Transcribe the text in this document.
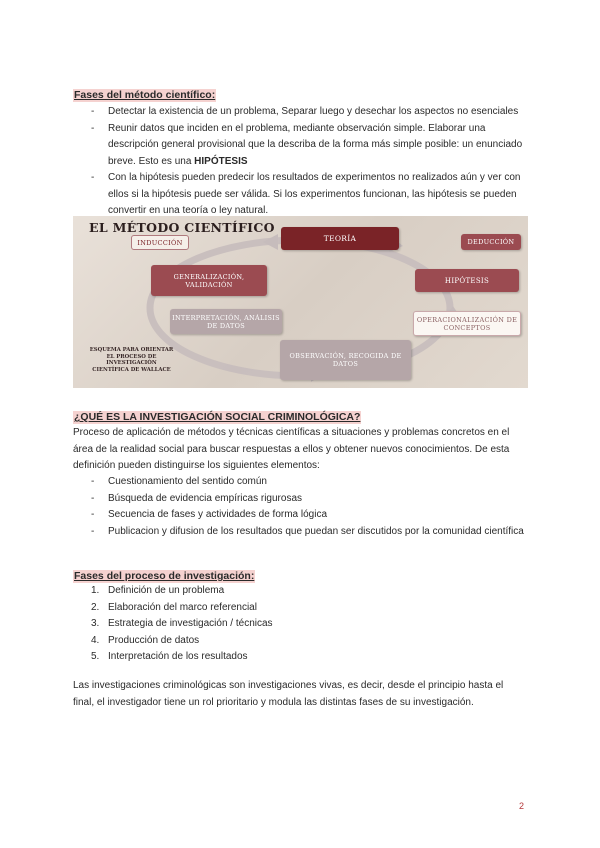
Fases del método científico:
- Detectar la existencia de un problema, Separar luego y desechar los aspectos no esenciales
- Reunir datos que inciden en el problema, mediante observación simple. Elaborar una descripción general provisional que la describa de la forma más simple posible: un enunciado breve. Esto es una HIPÓTESIS
- Con la hipótesis pueden predecir los resultados de experimentos no realizados aún y ver con ellos si la hipótesis puede ser válida. Si los experimentos funcionan, las hipótesis se pueden convertir en una teoría o ley natural.
EL MÉTODO CIENTÍFICO
INDUCCIÓN	TEORÍA	DEDUCCIÓN
GENERALIZACIÓN, VALIDACIÓN	HIPÓTESIS
INTERPRETACIÓN, ANÁLISIS DE DATOS
OPERACIONALIZACIÓN DE CONCEPTOS
OBSERVACIÓN, RECOGIDA DE DATOS
ESQUEMA PARA ORIENTAR EL PROCESO DE INVESTIGACIÓN CIENTÍFICA DE WALLACE
¿QUÉ ES LA INVESTIGACIÓN SOCIAL CRIMINOLÓGICA?
Proceso de aplicación de métodos y técnicas científicas a situaciones y problemas concretos en el área de la realidad social para buscar respuestas a ellos y obtener nuevos conocimientos. De esta definición pueden distinguirse los siguientes elementos:
- Cuestionamiento del sentido común
- Búsqueda de evidencia empíricas rigurosas
- Secuencia de fases y actividades de forma lógica
- Publicacion y difusion de los resultados que puedan ser discutidos por la comunidad científica
Fases del proceso de investigación:
1. Definición de un problema
2. Elaboración del marco referencial
3. Estrategia de investigación / técnicas
4. Producción de datos
5. Interpretación de los resultados
Las investigaciones criminológicas son investigaciones vivas, es decir, desde el principio hasta el final, el investigador tiene un rol prioritario y modula las distintas fases de su investigación.
2
